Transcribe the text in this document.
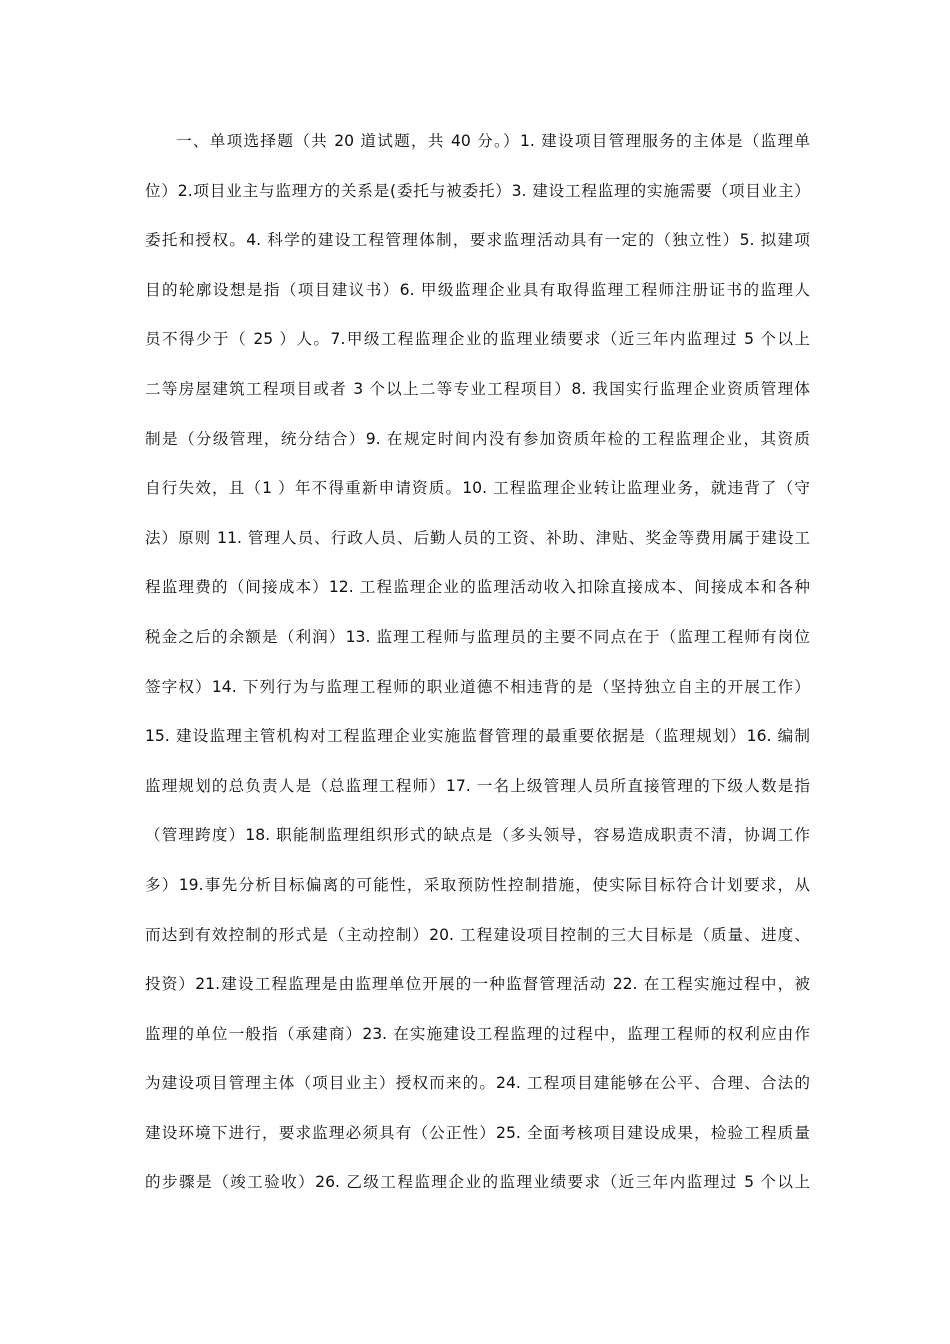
一、单项选择题（共 20 道试题，共 40 分。）1. 建设项目管理服务的主体是（监理单
位）2.项目业主与监理方的关系是(委托与被委托）3. 建设工程监理的实施需要（项目业主）
委托和授权。4. 科学的建设工程管理体制，要求监理活动具有一定的（独立性）5. 拟建项
目的轮廓设想是指（项目建议书）6. 甲级监理企业具有取得监理工程师注册证书的监理人
员不得少于（ 25 ）人。7.甲级工程监理企业的监理业绩要求（近三年内监理过 5 个以上
二等房屋建筑工程项目或者 3 个以上二等专业工程项目）8. 我国实行监理企业资质管理体
制是（分级管理，统分结合）9. 在规定时间内没有参加资质年检的工程监理企业，其资质
自行失效，且（1 ）年不得重新申请资质。10. 工程监理企业转让监理业务，就违背了（守
法）原则 11. 管理人员、行政人员、后勤人员的工资、补助、津贴、奖金等费用属于建设工
程监理费的（间接成本）12. 工程监理企业的监理活动收入扣除直接成本、间接成本和各种
税金之后的余额是（利润）13. 监理工程师与监理员的主要不同点在于（监理工程师有岗位
签字权）14. 下列行为与监理工程师的职业道德不相违背的是（坚持独立自主的开展工作）
15. 建设监理主管机构对工程监理企业实施监督管理的最重要依据是（监理规划）16. 编制
监理规划的总负责人是（总监理工程师）17. 一名上级管理人员所直接管理的下级人数是指
（管理跨度）18. 职能制监理组织形式的缺点是（多头领导，容易造成职责不清，协调工作
多）19.事先分析目标偏离的可能性，采取预防性控制措施，使实际目标符合计划要求，从
而达到有效控制的形式是（主动控制）20. 工程建设项目控制的三大目标是（质量、进度、
投资）21.建设工程监理是由监理单位开展的一种监督管理活动 22. 在工程实施过程中，被
监理的单位一般指（承建商）23. 在实施建设工程监理的过程中，监理工程师的权利应由作
为建设项目管理主体（项目业主）授权而来的。24. 工程项目建能够在公平、合理、合法的
建设环境下进行，要求监理必须具有（公正性）25. 全面考核项目建设成果，检验工程质量
的步骤是（竣工验收）26. 乙级工程监理企业的监理业绩要求（近三年内监理过 5 个以上
